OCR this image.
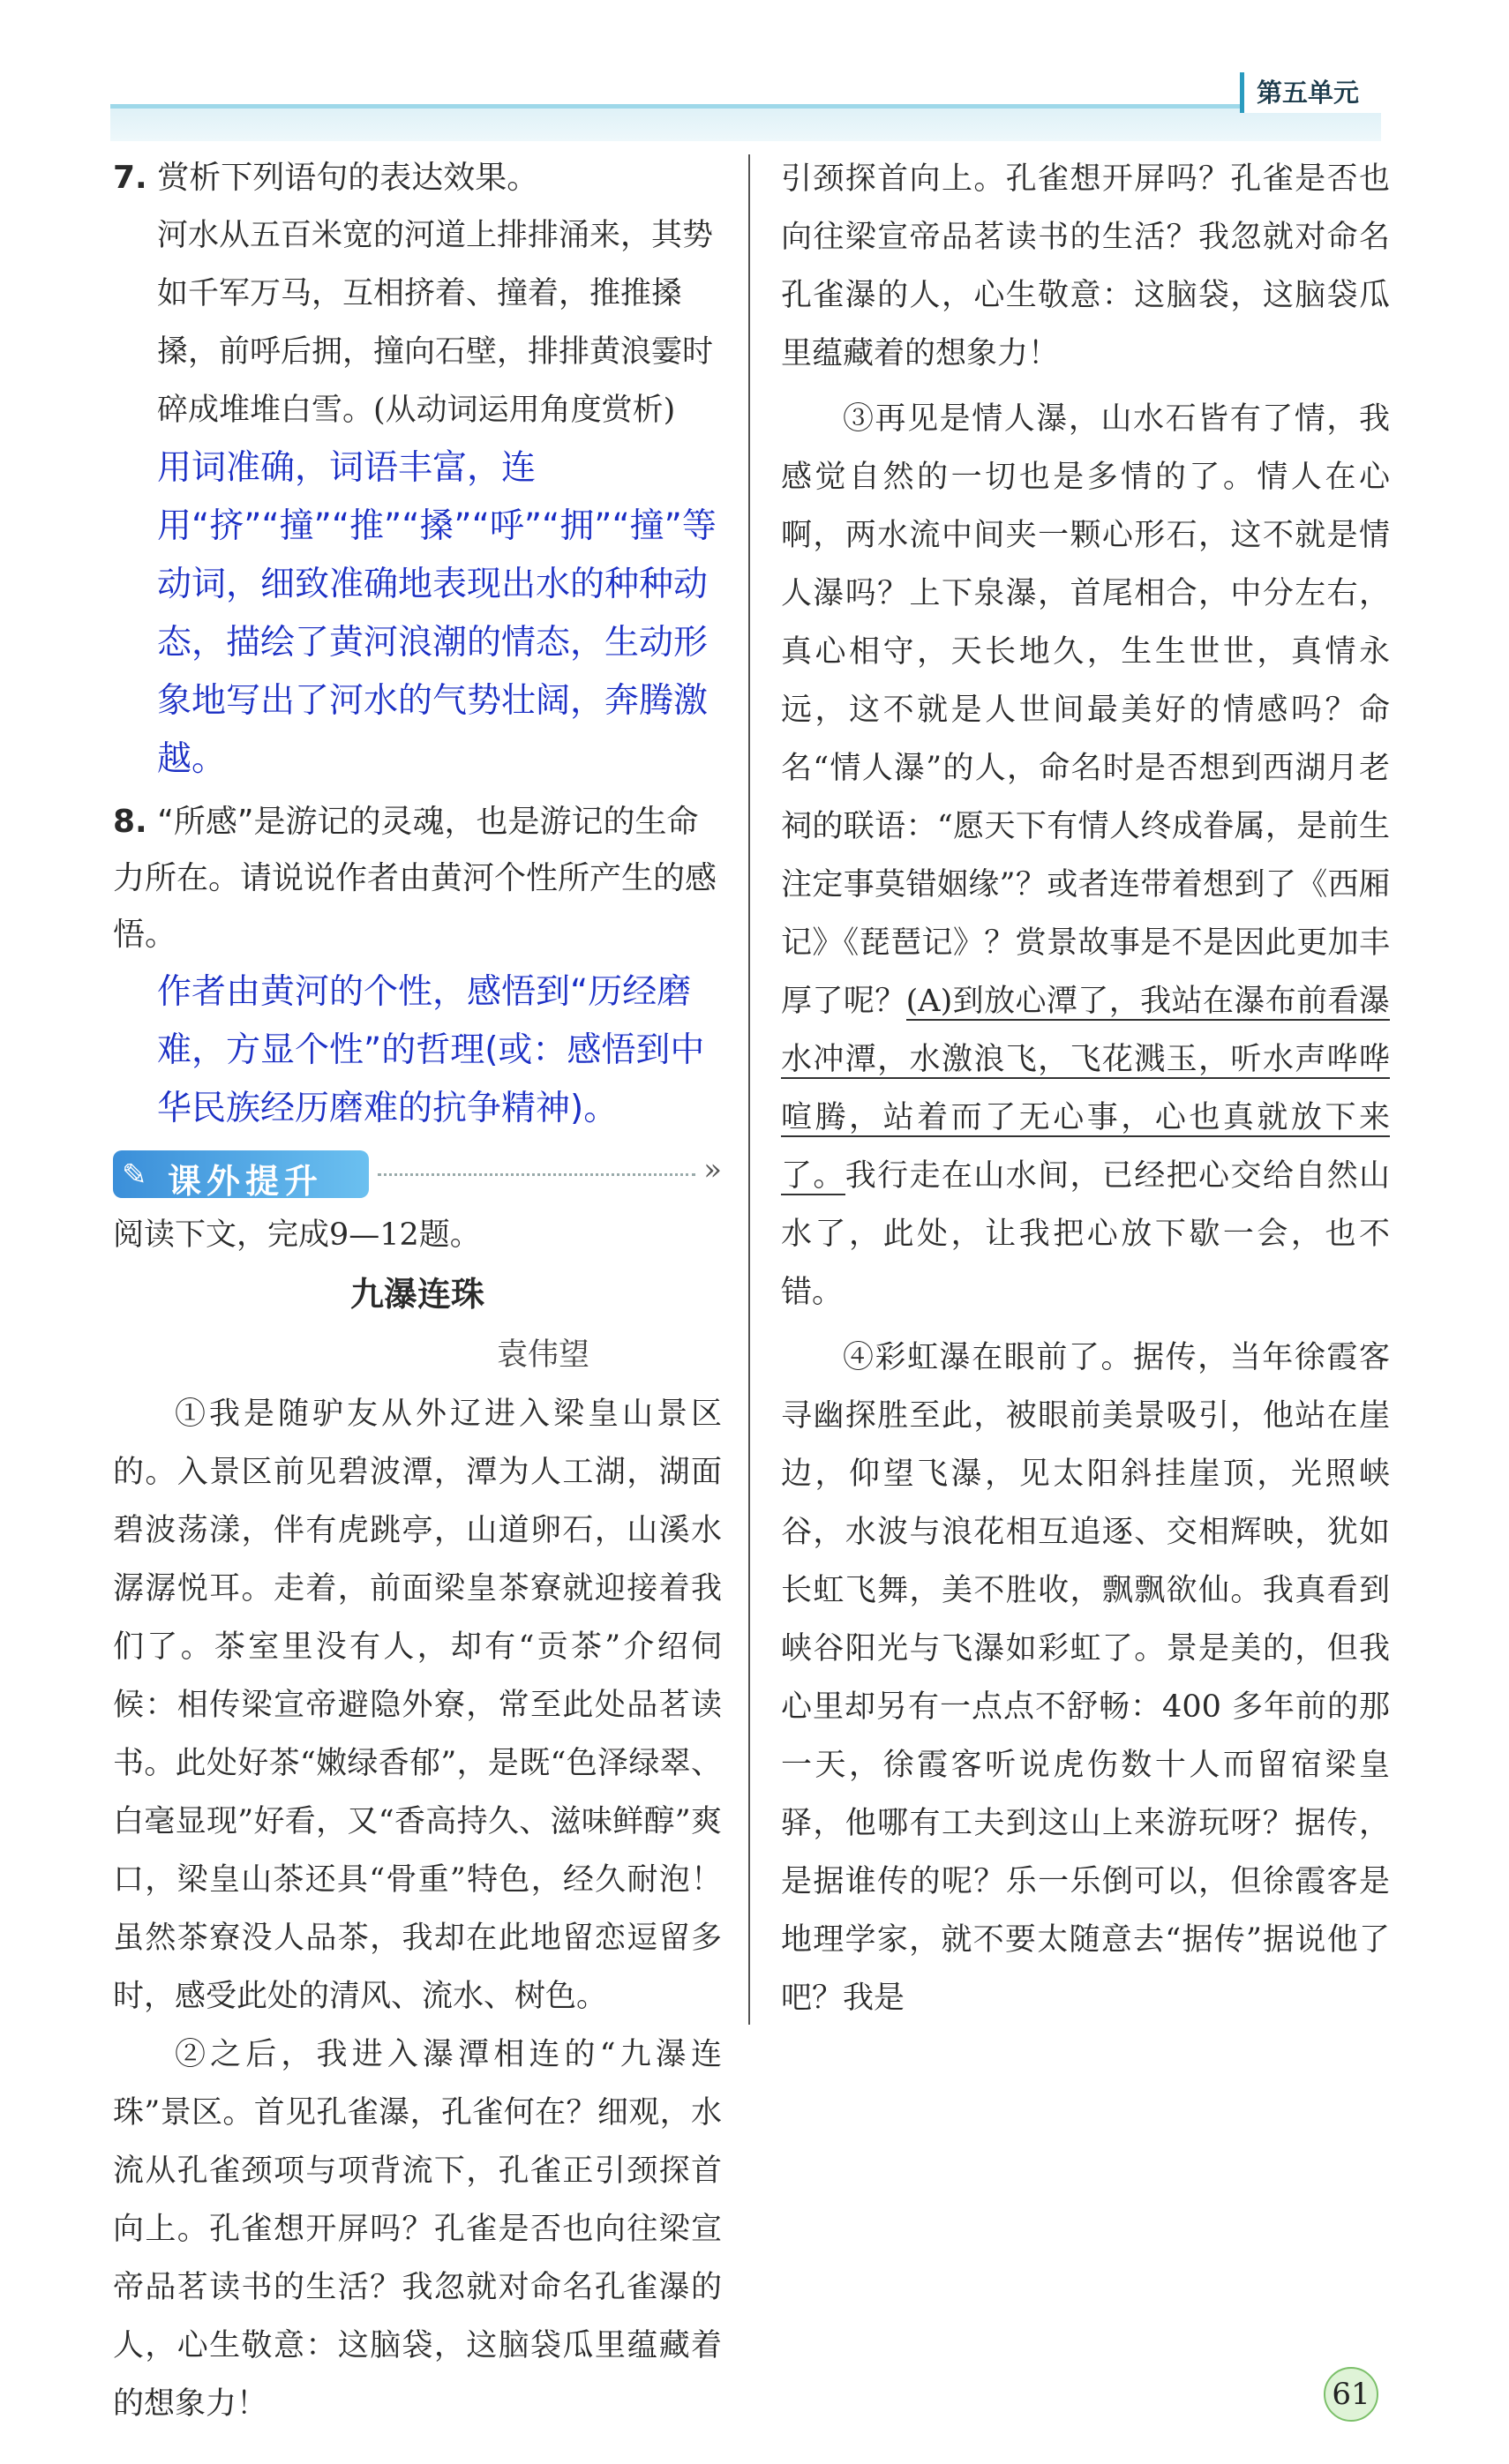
第五单元
7. 赏析下列语句的表达效果。

河水从五百米宽的河道上排排涌来，其势如千军万马，互相挤着、撞着，推推搡搡，前呼后拥，撞向石壁，排排黄浪霎时碎成堆堆白雪。(从动词运用角度赏析)

用词准确，词语丰富，连用“挤”“撞”“推”“搡”“呼”“拥”“撞”等动词，细致准确地表现出水的种种动态，描绘了黄河浪潮的情态，生动形象地写出了河水的气势壮阔，奔腾激越。

8. “所感”是游记的灵魂，也是游记的生命力所在。请说说作者由黄河个性所产生的感悟。

作者由黄河的个性，感悟到“历经磨难，方显个性”的哲理(或：感悟到中华民族经历磨难的抗争精神)。

✎ 课外提升	»

阅读下文，完成9—12题。

九瀑连珠

袁伟望

①我是随驴友从外辽进入梁皇山景区的。入景区前见碧波潭，潭为人工湖，湖面碧波荡漾，伴有虎跳亭，山道卵石，山溪水潺潺悦耳。走着，前面梁皇茶寮就迎接着我们了。茶室里没有人，却有“贡茶”介绍伺候：相传梁宣帝避隐外寮，常至此处品茗读书。此处好茶“嫩绿香郁”，是既“色泽绿翠、白毫显现”好看，又“香高持久、滋味鲜醇”爽口，梁皇山茶还具“骨重”特色，经久耐泡！虽然茶寮没人品茶，我却在此地留恋逗留多时，感受此处的清风、流水、树色。

②之后，我进入瀑潭相连的“九瀑连珠”景区。首见孔雀瀑，孔雀何在？细观，水流从孔雀颈项与项背流下，孔雀正引颈探首向上。孔雀想开屏吗？孔雀是否也向往梁宣帝品茗读书的生活？我忽就对命名孔雀瀑的人，心生敬意：这脑袋，这脑袋瓜里蕴藏着的想象力！

引颈探首向上。孔雀想开屏吗？孔雀是否也向往梁宣帝品茗读书的生活？我忽就对命名孔雀瀑的人，心生敬意：这脑袋，这脑袋瓜里蕴藏着的想象力！

③再见是情人瀑，山水石皆有了情，我感觉自然的一切也是多情的了。情人在心啊，两水流中间夹一颗心形石，这不就是情人瀑吗？上下泉瀑，首尾相合，中分左右，真心相守，天长地久，生生世世，真情永远，这不就是人世间最美好的情感吗？命名“情人瀑”的人，命名时是否想到西湖月老祠的联语：“愿天下有情人终成眷属，是前生注定事莫错姻缘”？或者连带着想到了《西厢记》《琵琶记》？赏景故事是不是因此更加丰厚了呢？(A)到放心潭了，我站在瀑布前看瀑水冲潭，水激浪飞，飞花溅玉，听水声哗哗喧腾，站着而了无心事，心也真就放下来了。我行走在山水间，已经把心交给自然山水了，此处，让我把心放下歇一会，也不错。

④彩虹瀑在眼前了。据传，当年徐霞客寻幽探胜至此，被眼前美景吸引，他站在崖边，仰望飞瀑，见太阳斜挂崖顶，光照峡谷，水波与浪花相互追逐、交相辉映，犹如长虹飞舞，美不胜收，飘飘欲仙。我真看到峡谷阳光与飞瀑如彩虹了。景是美的，但我心里却另有一点点不舒畅：400 多年前的那一天，徐霞客听说虎伤数十人而留宿梁皇驿，他哪有工夫到这山上来游玩呀？据传，是据谁传的呢？乐一乐倒可以，但徐霞客是地理学家，就不要太随意去“据传”据说他了吧？我是

61
